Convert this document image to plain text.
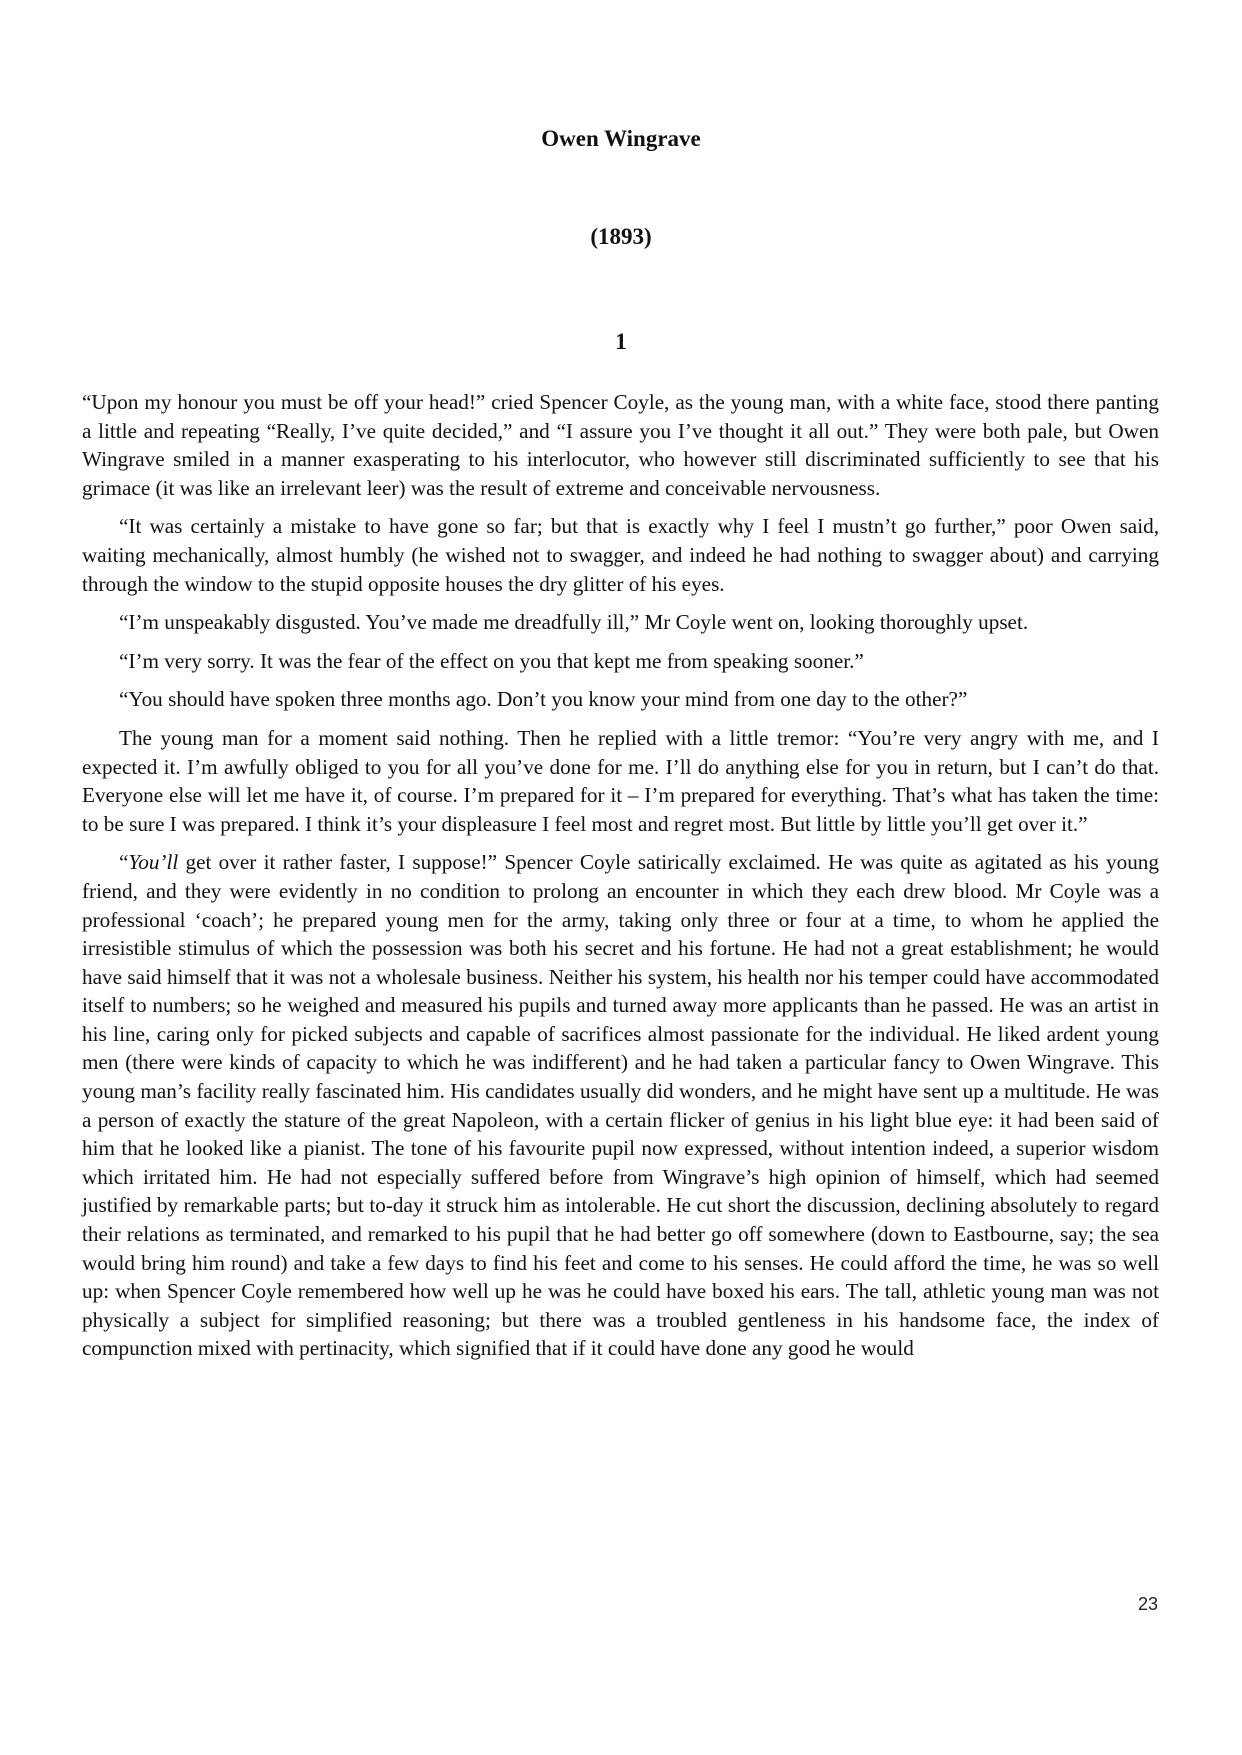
Owen Wingrave
(1893)
1

“Upon my honour you must be off your head!” cried Spencer Coyle, as the young man, with a white face, stood there panting a little and repeating “Really, I’ve quite decided,” and “I assure you I’ve thought it all out.” They were both pale, but Owen Wingrave smiled in a manner exasperating to his interlocutor, who however still discriminated sufficiently to see that his grimace (it was like an irrelevant leer) was the result of extreme and conceivable nervousness.

“It was certainly a mistake to have gone so far; but that is exactly why I feel I mustn’t go further,” poor Owen said, waiting mechanically, almost humbly (he wished not to swagger, and indeed he had nothing to swagger about) and carrying through the window to the stupid opposite houses the dry glitter of his eyes.

“I’m unspeakably disgusted. You’ve made me dreadfully ill,” Mr Coyle went on, looking thoroughly upset.

“I’m very sorry. It was the fear of the effect on you that kept me from speaking sooner.”

“You should have spoken three months ago. Don’t you know your mind from one day to the other?”

The young man for a moment said nothing. Then he replied with a little tremor: “You’re very angry with me, and I expected it. I’m awfully obliged to you for all you’ve done for me. I’ll do anything else for you in return, but I can’t do that. Everyone else will let me have it, of course. I’m prepared for it – I’m prepared for everything. That’s what has taken the time: to be sure I was prepared. I think it’s your displeasure I feel most and regret most. But little by little you’ll get over it.”

“You’ll get over it rather faster, I suppose!” Spencer Coyle satirically exclaimed. He was quite as agitated as his young friend, and they were evidently in no condition to prolong an encounter in which they each drew blood. Mr Coyle was a professional ‘coach’; he prepared young men for the army, taking only three or four at a time, to whom he applied the irresistible stimulus of which the possession was both his secret and his fortune. He had not a great establishment; he would have said himself that it was not a wholesale business. Neither his system, his health nor his temper could have accommodated itself to numbers; so he weighed and measured his pupils and turned away more applicants than he passed. He was an artist in his line, caring only for picked subjects and capable of sacrifices almost passionate for the individual. He liked ardent young men (there were kinds of capacity to which he was indifferent) and he had taken a particular fancy to Owen Wingrave. This young man’s facility really fascinated him. His candidates usually did wonders, and he might have sent up a multitude. He was a person of exactly the stature of the great Napoleon, with a certain flicker of genius in his light blue eye: it had been said of him that he looked like a pianist. The tone of his favourite pupil now expressed, without intention indeed, a superior wisdom which irritated him. He had not especially suffered before from Wingrave’s high opinion of himself, which had seemed justified by remarkable parts; but to-day it struck him as intolerable. He cut short the discussion, declining absolutely to regard their relations as terminated, and remarked to his pupil that he had better go off somewhere (down to Eastbourne, say; the sea would bring him round) and take a few days to find his feet and come to his senses. He could afford the time, he was so well up: when Spencer Coyle remembered how well up he was he could have boxed his ears. The tall, athletic young man was not physically a subject for simplified reasoning; but there was a troubled gentleness in his handsome face, the index of compunction mixed with pertinacity, which signified that if it could have done any good he would

23
